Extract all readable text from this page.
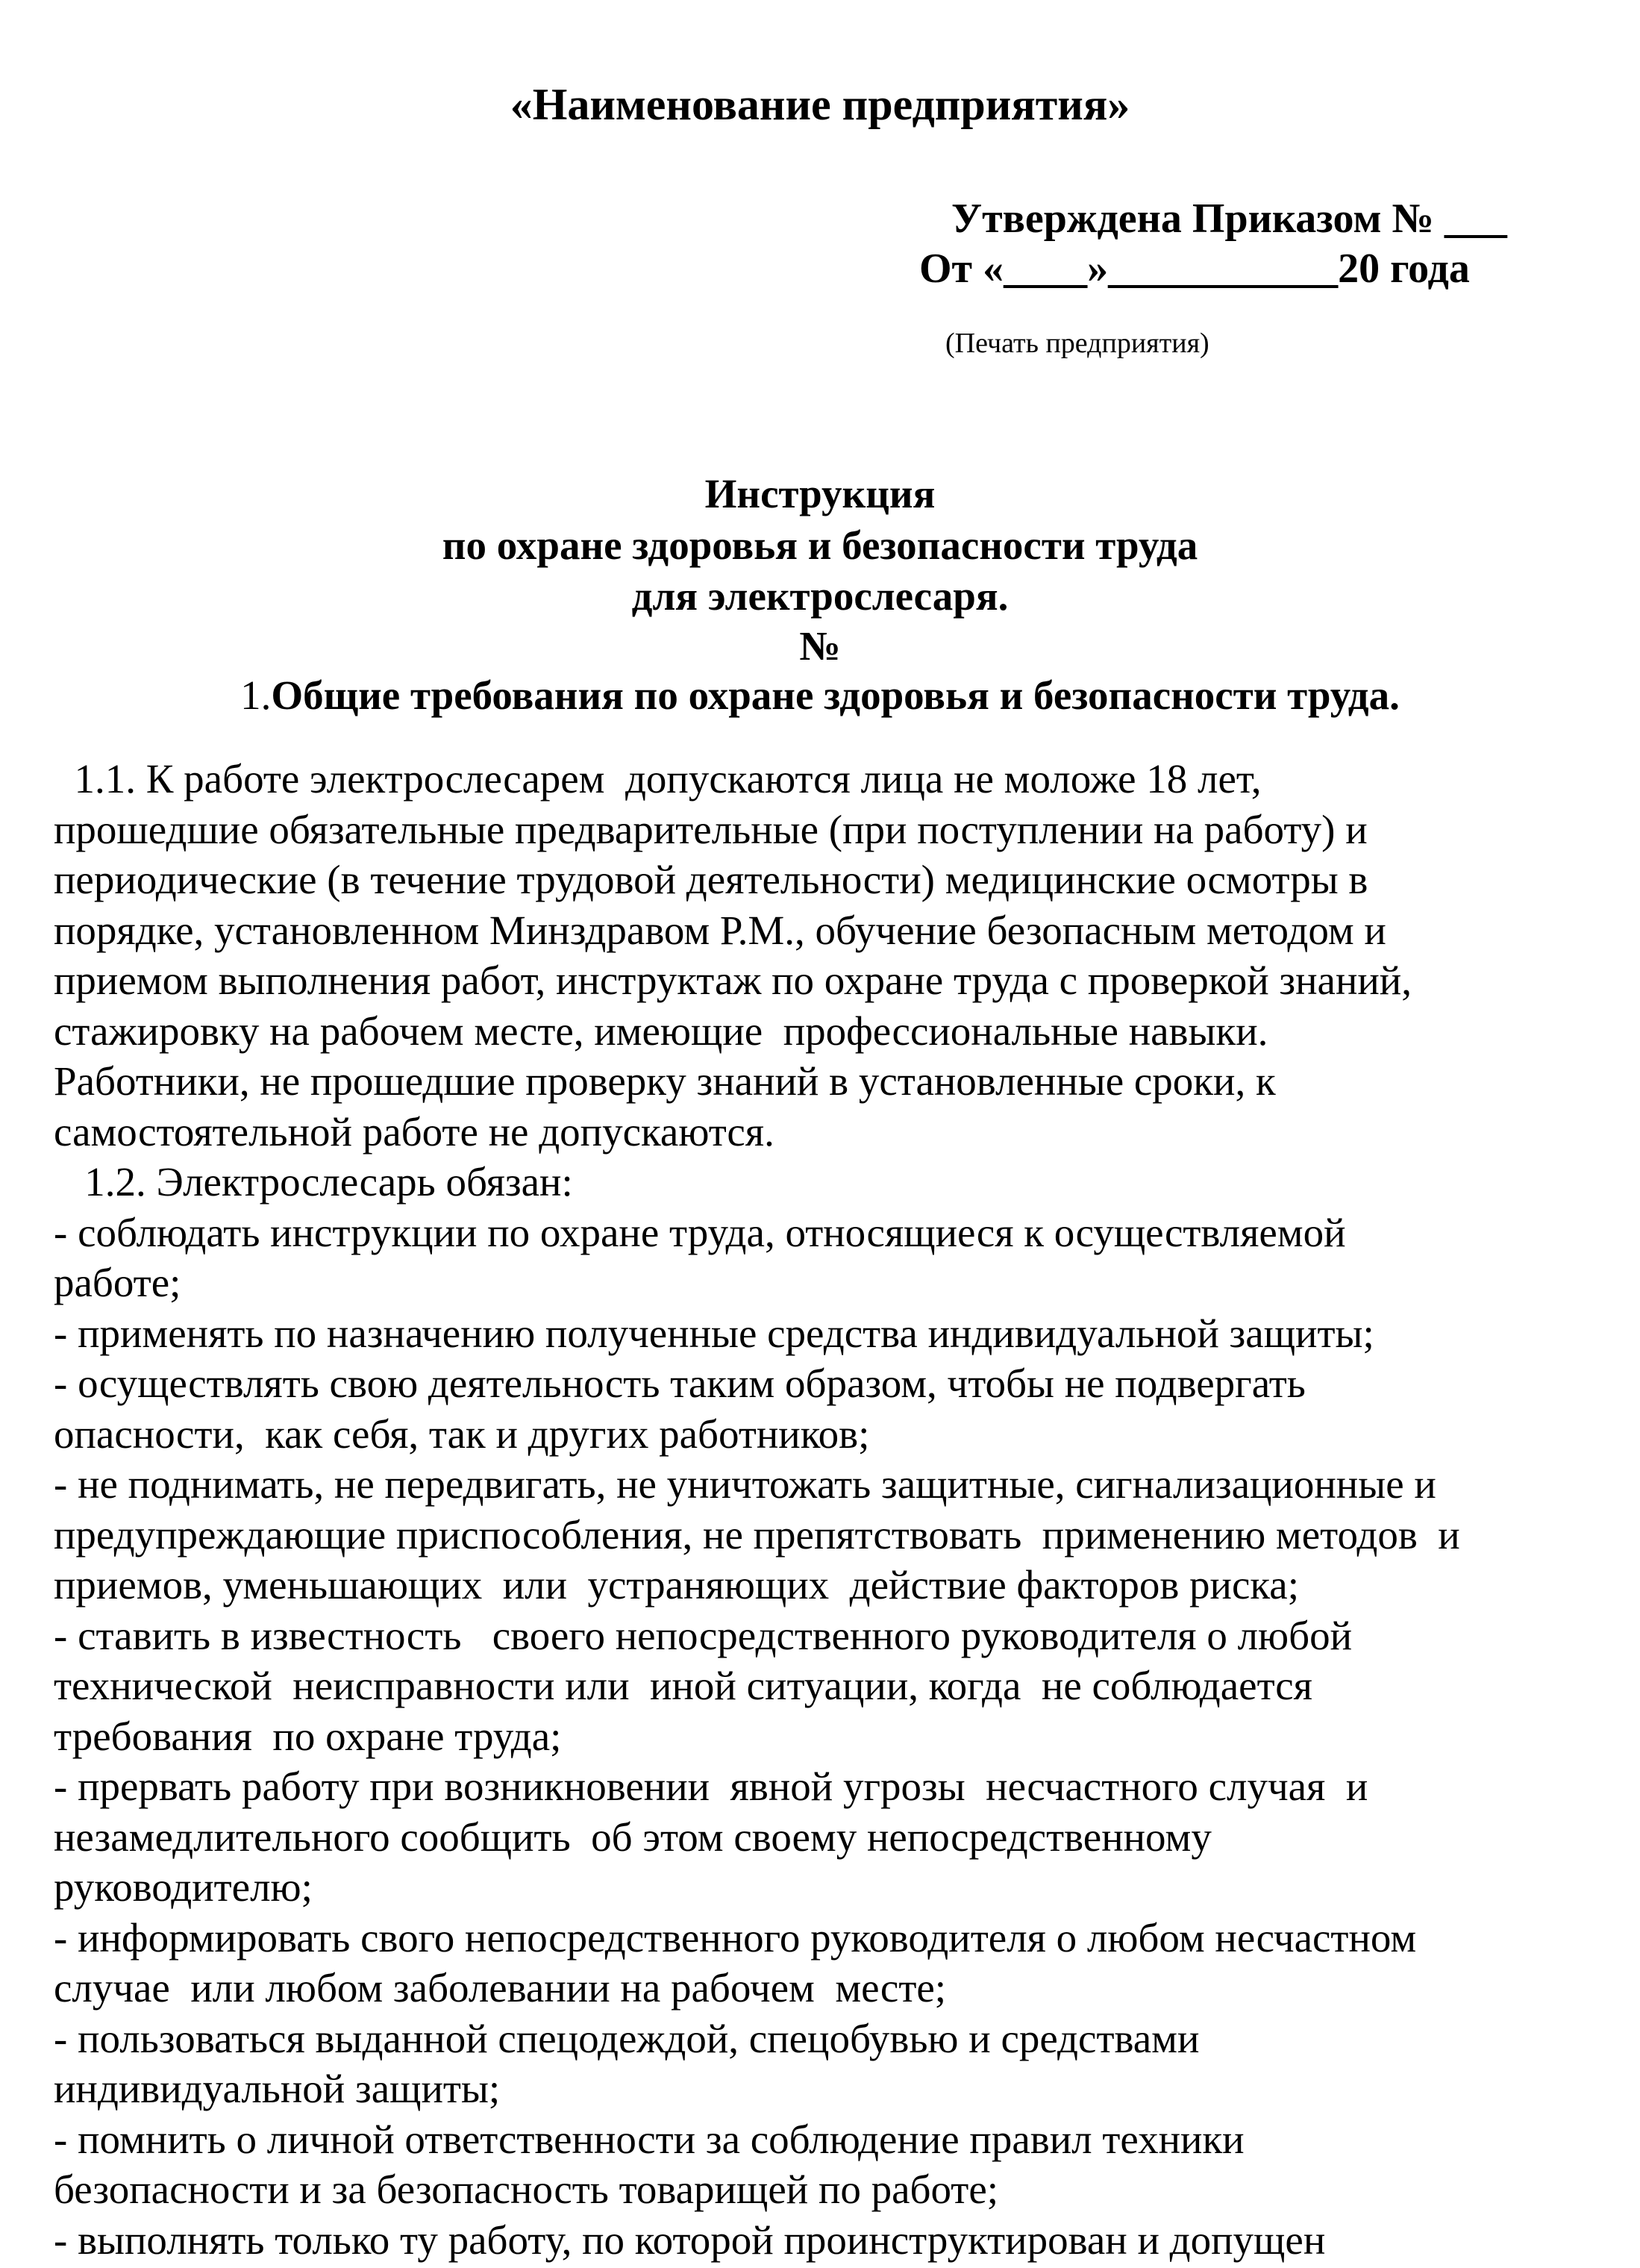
«Наименование предприятия»
Утверждена Приказом № ___
От «____»___________20 года
(Печать предприятия)
Инструкция
по охране здоровья и безопасности труда
для электрослесаря.
№
1.Общие требования по охране здоровья и безопасности труда.
1.1. К работе электрослесарем  допускаются лица не моложе 18 лет,
прошедшие обязательные предварительные (при поступлении на работу) и
периодические (в течение трудовой деятельности) медицинские осмотры в
порядке, установленном Минздравом Р.М., обучение безопасным методом и
приемом выполнения работ, инструктаж по охране труда с проверкой знаний,
стажировку на рабочем месте, имеющие  профессиональные навыки.
Работники, не прошедшие проверку знаний в установленные сроки, к
самостоятельной работе не допускаются.
1.2. Электрослесарь обязан:
- соблюдать инструкции по охране труда, относящиеся к осуществляемой
работе;
- применять по назначению полученные средства индивидуальной защиты;
- осуществлять свою деятельность таким образом, чтобы не подвергать
опасности,  как себя, так и других работников;
- не поднимать, не передвигать, не уничтожать защитные, сигнализационные и
предупреждающие приспособления, не препятствовать  применению методов  и
приемов, уменьшающих  или  устраняющих  действие факторов риска;
- ставить в известность   своего непосредственного руководителя о любой
технической  неисправности или  иной ситуации, когда  не соблюдается
требования  по охране труда;
- прервать работу при возникновении  явной угрозы  несчастного случая  и
незамедлительного сообщить  об этом своему непосредственному
руководителю;
- информировать свого непосредственного руководителя о любом несчастном
случае  или любом заболевании на рабочем  месте;
- пользоваться выданной спецодеждой, спецобувью и средствами
индивидуальной защиты;
- помнить о личной ответственности за соблюдение правил техники
безопасности и за безопасность товарищей по работе;
- выполнять только ту работу, по которой проинструктирован и допущен
